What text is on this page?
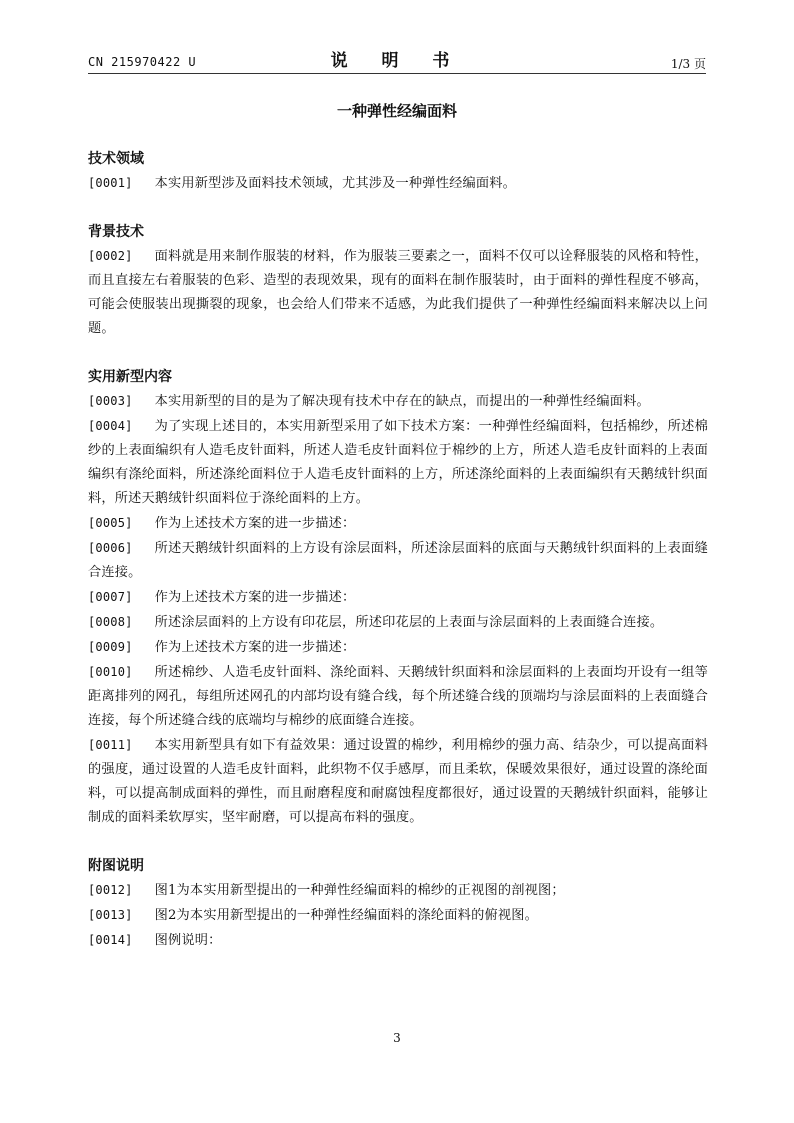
CN 215970422 U	说 明 书	1/3 页
一种弹性经编面料
技术领域
[0001] 本实用新型涉及面料技术领域，尤其涉及一种弹性经编面料。
背景技术
[0002] 面料就是用来制作服装的材料，作为服装三要素之一，面料不仅可以诠释服装的风格和特性，而且直接左右着服装的色彩、造型的表现效果，现有的面料在制作服装时，由于面料的弹性程度不够高，可能会使服装出现撕裂的现象，也会给人们带来不适感，为此我们提供了一种弹性经编面料来解决以上问题。
实用新型内容
[0003] 本实用新型的目的是为了解决现有技术中存在的缺点，而提出的一种弹性经编面料。
[0004] 为了实现上述目的，本实用新型采用了如下技术方案：一种弹性经编面料，包括棉纱，所述棉纱的上表面编织有人造毛皮针面料，所述人造毛皮针面料位于棉纱的上方，所述人造毛皮针面料的上表面编织有涤纶面料，所述涤纶面料位于人造毛皮针面料的上方，所述涤纶面料的上表面编织有天鹅绒针织面料，所述天鹅绒针织面料位于涤纶面料的上方。
[0005] 作为上述技术方案的进一步描述：
[0006] 所述天鹅绒针织面料的上方设有涂层面料，所述涂层面料的底面与天鹅绒针织面料的上表面缝合连接。
[0007] 作为上述技术方案的进一步描述：
[0008] 所述涂层面料的上方设有印花层，所述印花层的上表面与涂层面料的上表面缝合连接。
[0009] 作为上述技术方案的进一步描述：
[0010] 所述棉纱、人造毛皮针面料、涤纶面料、天鹅绒针织面料和涂层面料的上表面均开设有一组等距离排列的网孔，每组所述网孔的内部均设有缝合线，每个所述缝合线的顶端均与涂层面料的上表面缝合连接，每个所述缝合线的底端均与棉纱的底面缝合连接。
[0011] 本实用新型具有如下有益效果：通过设置的棉纱，利用棉纱的强力高、结杂少，可以提高面料的强度，通过设置的人造毛皮针面料，此织物不仅手感厚，而且柔软，保暖效果很好，通过设置的涤纶面料，可以提高制成面料的弹性，而且耐磨程度和耐腐蚀程度都很好，通过设置的天鹅绒针织面料，能够让制成的面料柔软厚实，坚牢耐磨，可以提高布料的强度。
附图说明
[0012] 图1为本实用新型提出的一种弹性经编面料的棉纱的正视图的剖视图；
[0013] 图2为本实用新型提出的一种弹性经编面料的涤纶面料的俯视图。
[0014] 图例说明：
3
